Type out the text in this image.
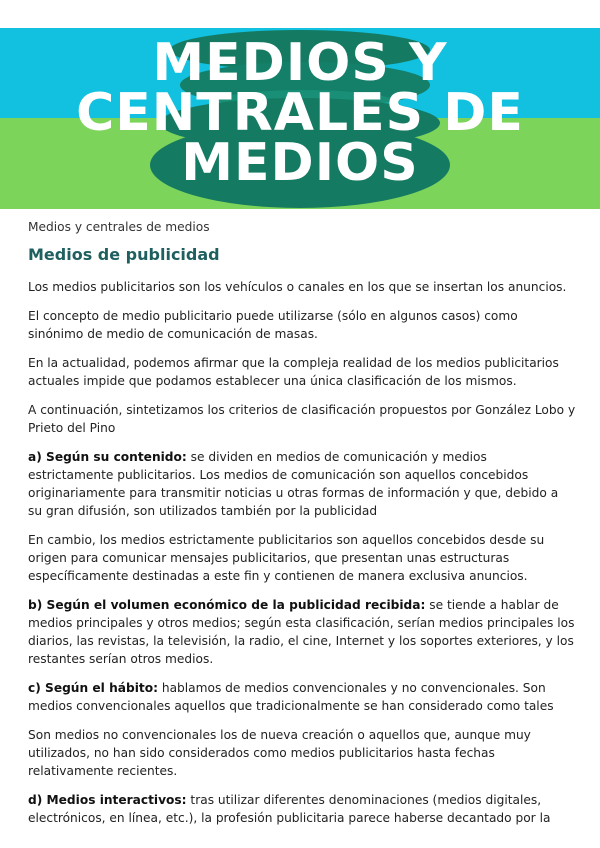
MEDIOS Y
CENTRALES DE
MEDIOS

Medios y centrales de medios

Medios de publicidad

Los medios publicitarios son los vehículos o canales en los que se insertan los anuncios.

El concepto de medio publicitario puede utilizarse (sólo en algunos casos) como sinónimo de medio de comunicación de masas.

En la actualidad, podemos afirmar que la compleja realidad de los medios publicitarios actuales impide que podamos establecer una única clasificación de los mismos.

A continuación, sintetizamos los criterios de clasificación propuestos por González Lobo y Prieto del Pino

a) Según su contenido: se dividen en medios de comunicación y medios estrictamente publicitarios. Los medios de comunicación son aquellos concebidos originariamente para transmitir noticias u otras formas de información y que, debido a su gran difusión, son utilizados también por la publicidad

En cambio, los medios estrictamente publicitarios son aquellos concebidos desde su origen para comunicar mensajes publicitarios, que presentan unas estructuras específicamente destinadas a este fin y contienen de manera exclusiva anuncios.

b) Según el volumen económico de la publicidad recibida: se tiende a hablar de medios principales y otros medios; según esta clasificación, serían medios principales los diarios, las revistas, la televisión, la radio, el cine, Internet y los soportes exteriores, y los restantes serían otros medios.

c) Según el hábito: hablamos de medios convencionales y no convencionales. Son medios convencionales aquellos que tradicionalmente se han considerado como tales

Son medios no convencionales los de nueva creación o aquellos que, aunque muy utilizados, no han sido considerados como medios publicitarios hasta fechas relativamente recientes.

d) Medios interactivos: tras utilizar diferentes denominaciones (medios digitales, electrónicos, en línea, etc.), la profesión publicitaria parece haberse decantado por la
